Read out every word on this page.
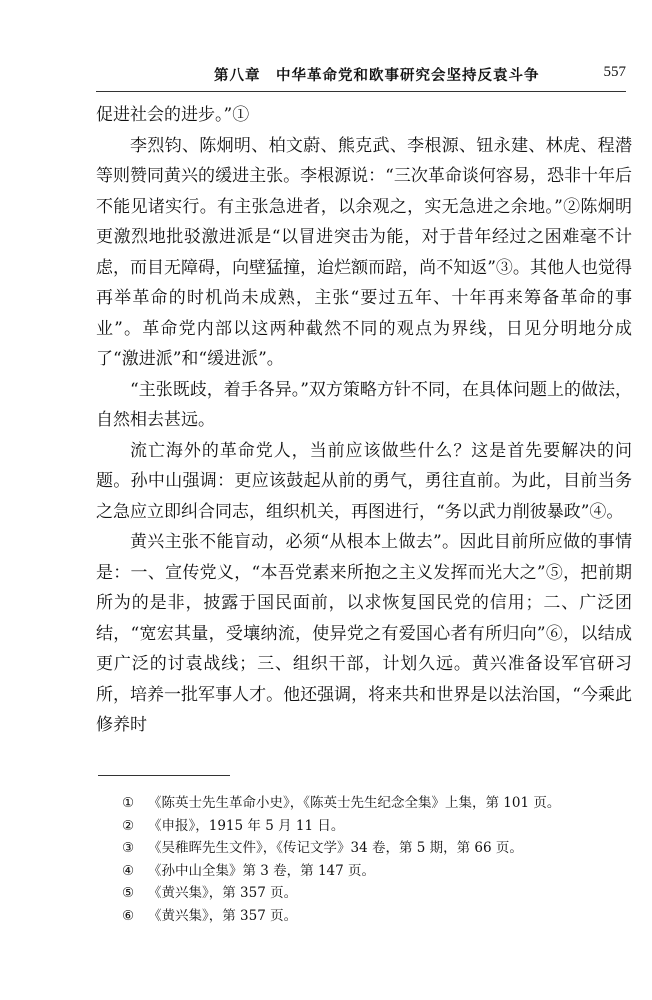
第八章　中华革命党和欧事研究会坚持反袁斗争	557

促进社会的进步。”①

李烈钧、陈炯明、柏文蔚、熊克武、李根源、钮永建、林虎、程潜等则赞同黄兴的缓进主张。李根源说：“三次革命谈何容易，恐非十年后不能见诸实行。有主张急进者，以余观之，实无急进之余地。”②陈炯明更激烈地批驳激进派是“以冒进突击为能，对于昔年经过之困难毫不计虑，而目无障碍，向壁猛撞，迨烂额而踣，尚不知返”③。其他人也觉得再举革命的时机尚未成熟，主张“要过五年、十年再来筹备革命的事业”。革命党内部以这两种截然不同的观点为界线，日见分明地分成了“激进派”和“缓进派”。

“主张既歧，着手各异。”双方策略方针不同，在具体问题上的做法，自然相去甚远。

流亡海外的革命党人，当前应该做些什么？这是首先要解决的问题。孙中山强调：更应该鼓起从前的勇气，勇往直前。为此，目前当务之急应立即纠合同志，组织机关，再图进行，“务以武力削彼暴政”④。

黄兴主张不能盲动，必须“从根本上做去”。因此目前所应做的事情是：一、宣传党义，“本吾党素来所抱之主义发挥而光大之”⑤，把前期所为的是非，披露于国民面前，以求恢复国民党的信用；二、广泛团结，“宽宏其量，受壤纳流，使异党之有爱国心者有所归向”⑥，以结成更广泛的讨袁战线；三、组织干部，计划久远。黄兴准备设军官研习所，培养一批军事人才。他还强调，将来共和世界是以法治国，“今乘此修养时

① 《陈英士先生革命小史》，《陈英士先生纪念全集》上集，第 101 页。
② 《申报》，1915 年 5 月 11 日。
③ 《吴稚晖先生文件》，《传记文学》34 卷，第 5 期，第 66 页。
④ 《孙中山全集》第 3 卷，第 147 页。
⑤ 《黄兴集》，第 357 页。
⑥ 《黄兴集》，第 357 页。
